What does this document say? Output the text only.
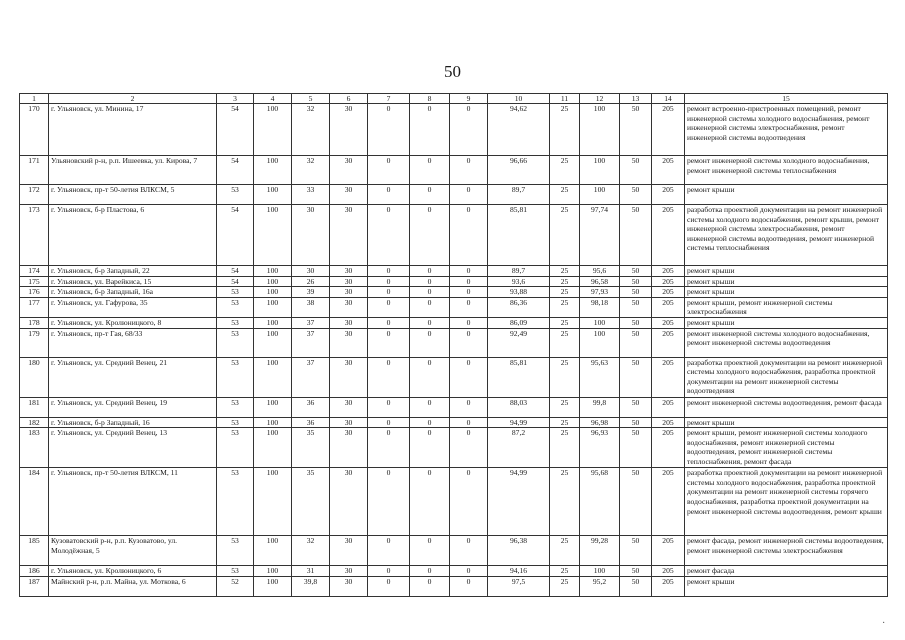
50
1	2	3	4	5	6	7	8	9	10	11	12	13	14	15
170	г. Ульяновск, ул. Минина, 17	54	100	32	30	0	0	0	94,62	25	100	50	205	ремонт встроенно-пристроенных помещений, ремонт инженерной системы холодного водоснабжения, ремонт инженерной системы электроснабжения, ремонт инженерной системы водоотведения
171	Ульяновский р-н, р.п. Ишеевка, ул. Кирова, 7	54	100	32	30	0	0	0	96,66	25	100	50	205	ремонт инженерной системы холодного водоснабжения, ремонт инженерной системы теплоснабжения
172	г. Ульяновск, пр-т 50-летия ВЛКСМ, 5	53	100	33	30	0	0	0	89,7	25	100	50	205	ремонт крыши
173	г. Ульяновск, б-р Пластова, 6	54	100	30	30	0	0	0	85,81	25	97,74	50	205	разработка проектной документации на ремонт инженерной системы холодного водоснабжения, ремонт крыши, ремонт инженерной системы электроснабжения, ремонт инженерной системы водоотведения, ремонт инженерной системы теплоснабжения
174	г. Ульяновск, б-р Западный, 22	54	100	30	30	0	0	0	89,7	25	95,6	50	205	ремонт крыши
175	г. Ульяновск, ул. Варейкиса, 15	54	100	26	30	0	0	0	93,6	25	96,58	50	205	ремонт крыши
176	г. Ульяновск, б-р Западный, 16а	53	100	39	30	0	0	0	93,88	25	97,93	50	205	ремонт крыши
177	г. Ульяновск, ул. Гафурова, 35	53	100	38	30	0	0	0	86,36	25	98,18	50	205	ремонт крыши, ремонт инженерной системы электроснабжения
178	г. Ульяновск, ул. Кролюницкого, 8	53	100	37	30	0	0	0	86,09	25	100	50	205	ремонт крыши
179	г. Ульяновск, пр-т Гая, 68/33	53	100	37	30	0	0	0	92,49	25	100	50	205	ремонт инженерной системы холодного водоснабжения, ремонт инженерной системы водоотведения
180	г. Ульяновск, ул. Средний Венец, 21	53	100	37	30	0	0	0	85,81	25	95,63	50	205	разработка проектной документации на ремонт инженерной системы холодного водоснабжения, разработка проектной документации на ремонт инженерной системы водоотведения
181	г. Ульяновск, ул. Средний Венец, 19	53	100	36	30	0	0	0	88,03	25	99,8	50	205	ремонт инженерной системы водоотведения, ремонт фасада
182	г. Ульяновск, б-р Западный, 16	53	100	36	30	0	0	0	94,99	25	96,98	50	205	ремонт крыши
183	г. Ульяновск, ул. Средний Венец, 13	53	100	35	30	0	0	0	87,2	25	96,93	50	205	ремонт крыши, ремонт инженерной системы холодного водоснабжения, ремонт инженерной системы водоотведения, ремонт инженерной системы теплоснабжения, ремонт фасада
184	г. Ульяновск, пр-т 50-летия ВЛКСМ, 11	53	100	35	30	0	0	0	94,99	25	95,68	50	205	разработка проектной документации на ремонт инженерной системы холодного водоснабжения, разработка проектной документации на ремонт инженерной системы горячего водоснабжения, разработка проектной документации на ремонт инженерной системы водоотведения, ремонт крыши
185	Кузоватовский р-н, р.п. Кузоватово, ул. Молодёжная, 5	53	100	32	30	0	0	0	96,38	25	99,28	50	205	ремонт фасада, ремонт инженерной системы водоотведения, ремонт инженерной системы электроснабжения
186	г. Ульяновск, ул. Кролюницкого, 6	53	100	31	30	0	0	0	94,16	25	100	50	205	ремонт фасада
187	Майнский р-н, р.п. Майна, ул. Моткова, 6	52	100	39,8	30	0	0	0	97,5	25	95,2	50	205	ремонт крыши
·
